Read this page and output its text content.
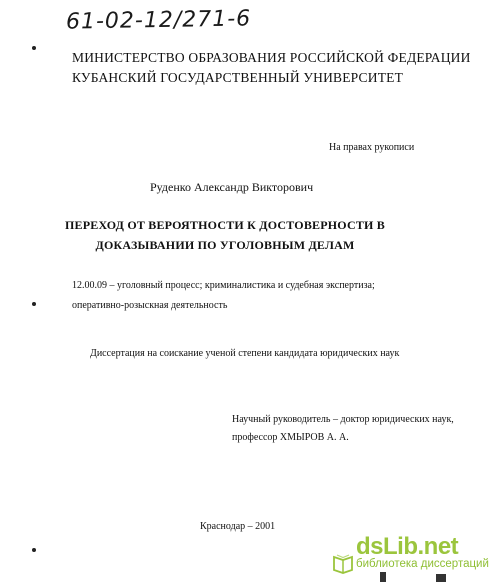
61-02-12/271-6
МИНИСТЕРСТВО ОБРАЗОВАНИЯ РОССИЙСКОЙ ФЕДЕРАЦИИ
КУБАНСКИЙ ГОСУДАРСТВЕННЫЙ УНИВЕРСИТЕТ
На правах рукописи
Руденко Александр Викторович
ПЕРЕХОД ОТ ВЕРОЯТНОСТИ К ДОСТОВЕРНОСТИ В
ДОКАЗЫВАНИИ ПО УГОЛОВНЫМ ДЕЛАМ
12.00.09 – уголовный процесс; криминалистика и судебная экспертиза;
оперативно-розыскная деятельность
Диссертация на соискание ученой степени кандидата юридических наук
Научный руководитель – доктор юридических наук,
профессор ХМЫРОВ А. А.
Краснодар – 2001
dsLib.net
библиотека диссертаций
